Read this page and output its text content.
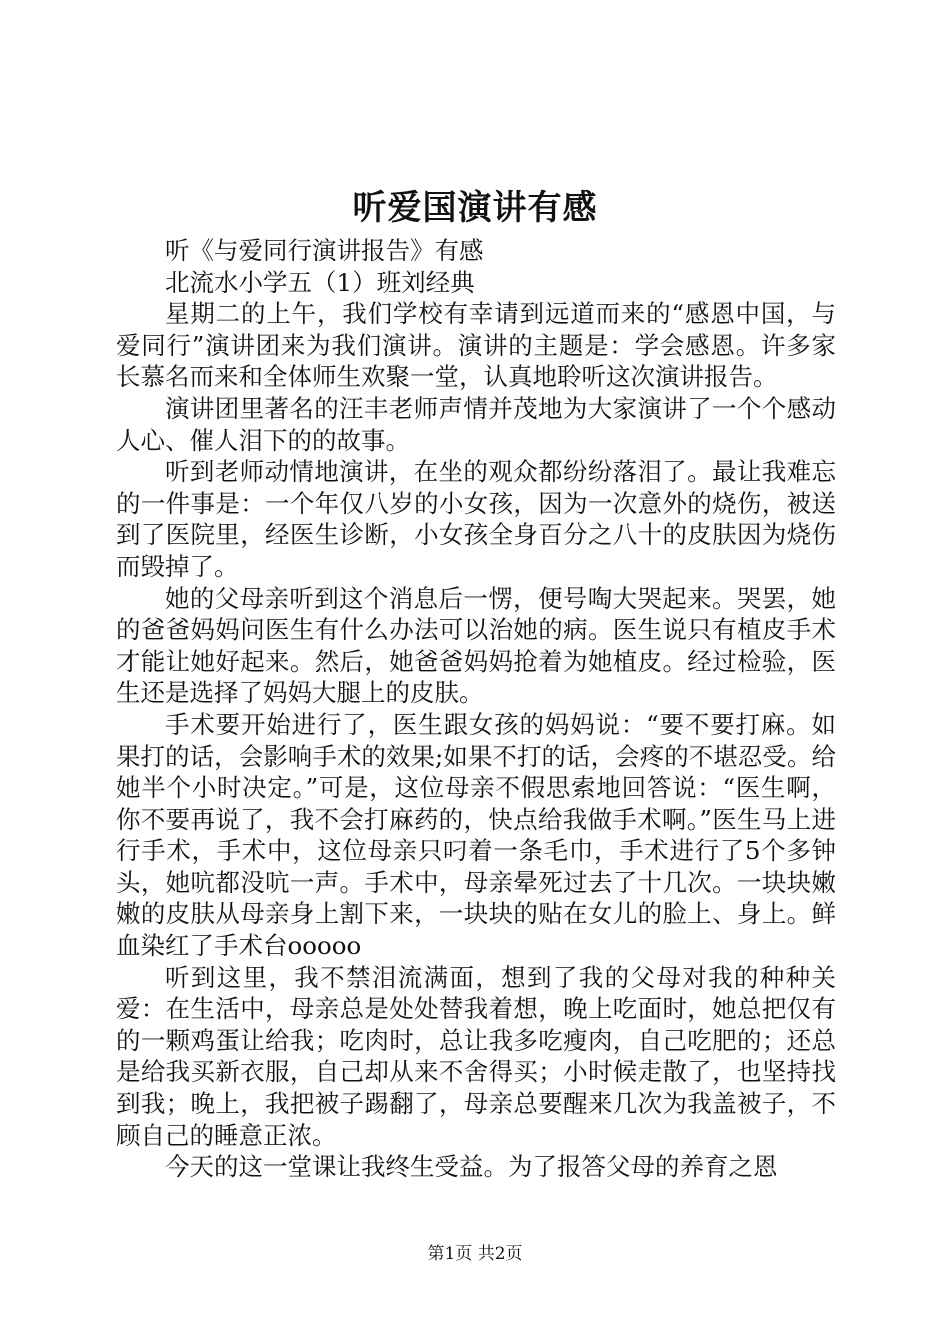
听爱国演讲有感

听《与爱同行演讲报告》有感

北流水小学五（1）班刘经典

星期二的上午，我们学校有幸请到远道而来的“感恩中国，与爱同行”演讲团来为我们演讲。演讲的主题是：学会感恩。许多家长慕名而来和全体师生欢聚一堂，认真地聆听这次演讲报告。

演讲团里著名的汪丰老师声情并茂地为大家演讲了一个个感动人心、催人泪下的的故事。

听到老师动情地演讲，在坐的观众都纷纷落泪了。最让我难忘的一件事是：一个年仅八岁的小女孩，因为一次意外的烧伤，被送到了医院里，经医生诊断，小女孩全身百分之八十的皮肤因为烧伤而毁掉了。

她的父母亲听到这个消息后一愣，便号啕大哭起来。哭罢，她的爸爸妈妈问医生有什么办法可以治她的病。医生说只有植皮手术才能让她好起来。然后，她爸爸妈妈抢着为她植皮。经过检验，医生还是选择了妈妈大腿上的皮肤。

手术要开始进行了，医生跟女孩的妈妈说：“要不要打麻。如果打的话，会影响手术的效果;如果不打的话，会疼的不堪忍受。给她半个小时决定。”可是，这位母亲不假思索地回答说：“医生啊，你不要再说了，我不会打麻药的，快点给我做手术啊。”医生马上进行手术，手术中，这位母亲只叼着一条毛巾，手术进行了5个多钟头，她吭都没吭一声。手术中，母亲晕死过去了十几次。一块块嫩嫩的皮肤从母亲身上割下来，一块块的贴在女儿的脸上、身上。鲜血染红了手术台ooooo

听到这里，我不禁泪流满面，想到了我的父母对我的种种关爱：在生活中，母亲总是处处替我着想，晚上吃面时，她总把仅有的一颗鸡蛋让给我；吃肉时，总让我多吃瘦肉，自己吃肥的；还总是给我买新衣服，自己却从来不舍得买；小时候走散了，也坚持找到我；晚上，我把被子踢翻了，母亲总要醒来几次为我盖被子，不顾自己的睡意正浓。

今天的这一堂课让我终生受益。为了报答父母的养育之恩

第1页 共2页
